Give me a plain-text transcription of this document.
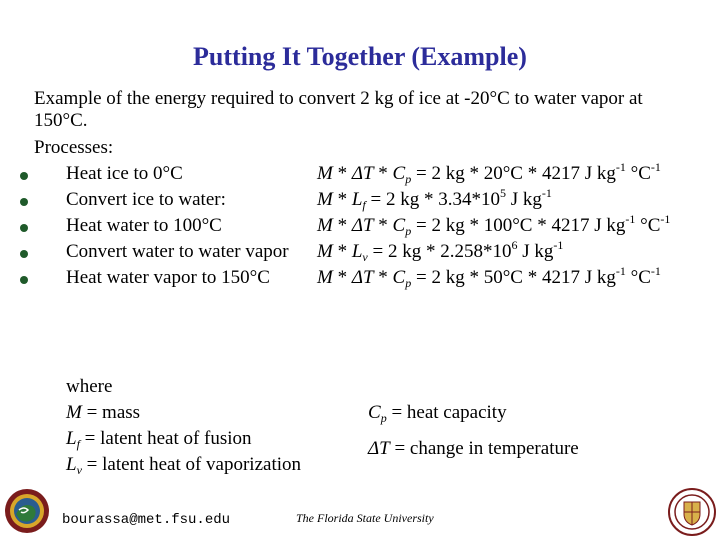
Putting It Together (Example)
Example of the energy required to convert 2 kg of ice at -20°C to water vapor at 150°C.
Processes:
Heat ice to 0°C	$M * \Delta T * C_p = 2$ kg * 20°C * 4217 J $kg^{-1}$ $^\circ C^{-1}$
Convert ice to water:	$M * L_f = 2$ kg * $3.34*10^5$ J $kg^{-1}$
Heat water to 100°C	$M * \Delta T * C_p = 2$ kg * 100°C * 4217 J $kg^{-1}$ $^\circ C^{-1}$
Convert water to water vapor $M * L_v = 2$ kg * $2.258*10^6$ J $kg^{-1}$
Heat water vapor to 150°C $M * \Delta T * C_p = 2$ kg * 50°C * 4217 J $kg^{-1}$ $^\circ C^{-1}$
where
M = mass
$L_f$ = latent heat of fusion
$L_v$ = latent heat of vaporization
$C_p$ = heat capacity
ΔT = change in temperature
bourassa@met.fsu.edu	The Florida State University
